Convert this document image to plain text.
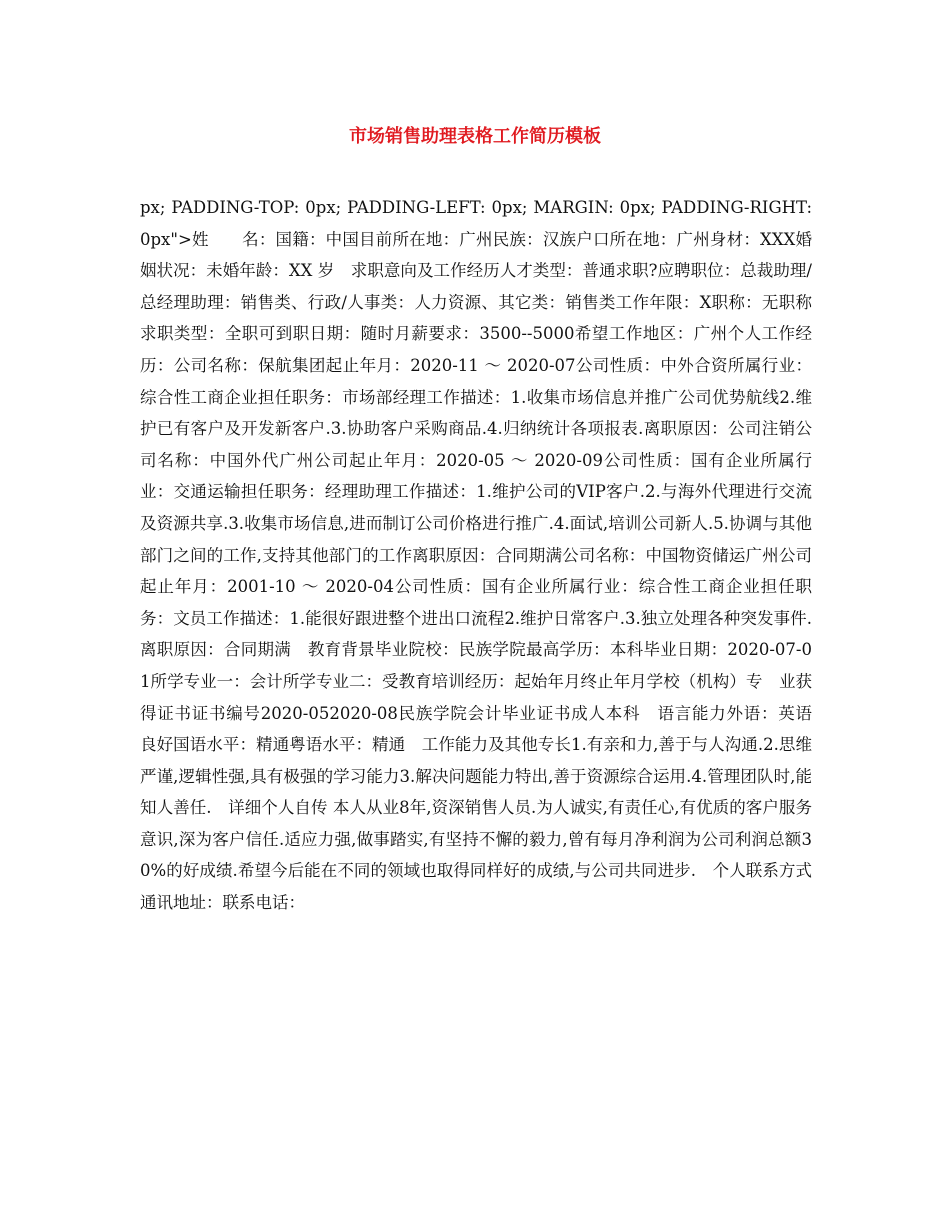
市场销售助理表格工作简历模板

px; PADDING-TOP: 0px; PADDING-LEFT: 0px; MARGIN: 0px; PADDING-RIGHT: 0px">姓　　名：国籍：中国目前所在地：广州民族：汉族户口所在地：广州身材：XXX婚姻状况：未婚年龄：XX 岁　求职意向及工作经历人才类型：普通求职?应聘职位：总裁助理/总经理助理：销售类、行政/人事类：人力资源、其它类：销售类工作年限：X职称：无职称求职类型：全职可到职日期：随时月薪要求：3500--5000希望工作地区：广州个人工作经历：公司名称：保航集团起止年月：2020-11 ～ 2020-07公司性质：中外合资所属行业：综合性工商企业担任职务：市场部经理工作描述：1.收集市场信息并推广公司优势航线2.维护已有客户及开发新客户.3.协助客户采购商品.4.归纳统计各项报表.离职原因：公司注销公司名称：中国外代广州公司起止年月：2020-05 ～ 2020-09公司性质：国有企业所属行业：交通运输担任职务：经理助理工作描述：1.维护公司的VIP客户.2.与海外代理进行交流及资源共享.3.收集市场信息,进而制订公司价格进行推广.4.面试,培训公司新人.5.协调与其他部门之间的工作,支持其他部门的工作离职原因：合同期满公司名称：中国物资储运广州公司起止年月：2001-10 ～ 2020-04公司性质：国有企业所属行业：综合性工商企业担任职务：文员工作描述：1.能很好跟进整个进出口流程2.维护日常客户.3.独立处理各种突发事件.离职原因：合同期满　教育背景毕业院校：民族学院最高学历：本科毕业日期：2020-07-01所学专业一：会计所学专业二：受教育培训经历：起始年月终止年月学校（机构）专　业获得证书证书编号2020-052020-08民族学院会计毕业证书成人本科　语言能力外语：英语　良好国语水平：精通粤语水平：精通　工作能力及其他专长1.有亲和力,善于与人沟通.2.思维严谨,逻辑性强,具有极强的学习能力3.解决问题能力特出,善于资源综合运用.4.管理团队时,能知人善任.　详细个人自传 本人从业8年,资深销售人员.为人诚实,有责任心,有优质的客户服务意识,深为客户信任.适应力强,做事踏实,有坚持不懈的毅力,曾有每月净利润为公司利润总额30%的好成绩.希望今后能在不同的领域也取得同样好的成绩,与公司共同进步.　个人联系方式通讯地址：联系电话：
